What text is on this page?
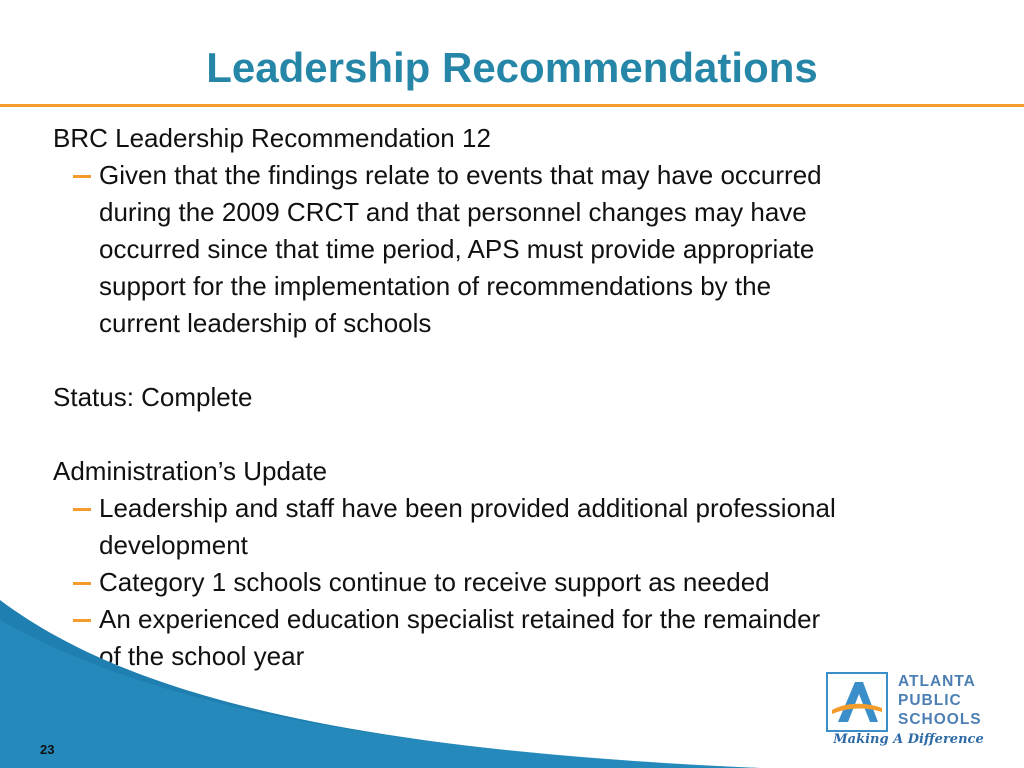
Leadership Recommendations
BRC Leadership Recommendation 12
Given that the findings relate to events that may have occurred
during the 2009 CRCT and that personnel changes may have
occurred since that time period, APS must provide appropriate
support for the implementation of recommendations by the
current leadership of schools
Status: Complete
Administration’s Update
Leadership and staff have been provided additional professional
development
Category 1 schools continue to receive support as needed
An experienced education specialist retained for the remainder
of the school year
23
ATLANTA
PUBLIC
SCHOOLS
Making A Difference
